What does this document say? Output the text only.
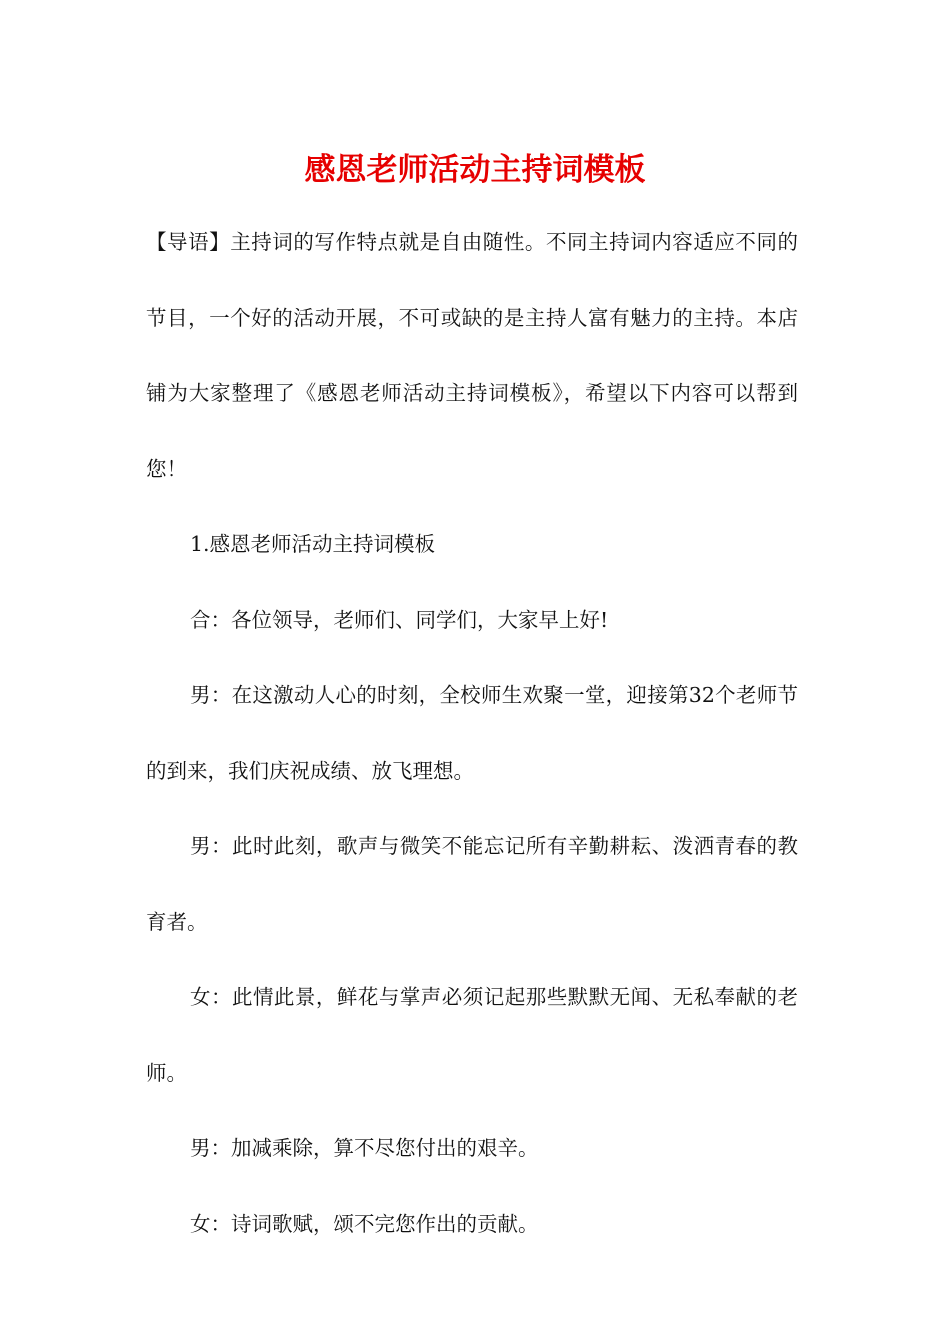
感恩老师活动主持词模板

【导语】主持词的写作特点就是自由随性。不同主持词内容适应不同的节目，一个好的活动开展，不可或缺的是主持人富有魅力的主持。本店铺为大家整理了《感恩老师活动主持词模板》，希望以下内容可以帮到您！

1.感恩老师活动主持词模板

合：各位领导，老师们、同学们，大家早上好!

男：在这激动人心的时刻，全校师生欢聚一堂，迎接第32个老师节的到来，我们庆祝成绩、放飞理想。

男：此时此刻，歌声与微笑不能忘记所有辛勤耕耘、泼洒青春的教育者。

女：此情此景，鲜花与掌声必须记起那些默默无闻、无私奉献的老师。

男：加减乘除，算不尽您付出的艰辛。

女：诗词歌赋，颂不完您作出的贡献。
